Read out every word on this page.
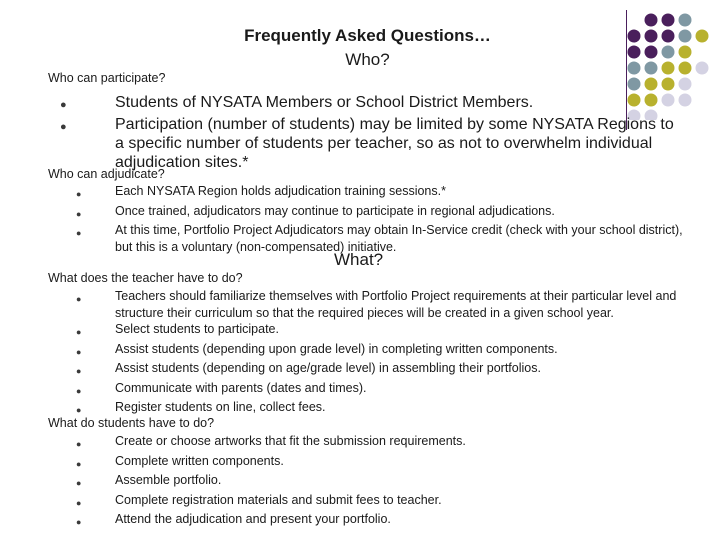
Frequently Asked Questions…
Who?
Who can participate?
●	Students of NYSATA Members or School District Members.
●	Participation (number of students) may be limited by some NYSATA Regions to a specific number of students per teacher, so as not to overwhelm individual adjudication sites.*
Who can adjudicate?
●	Each NYSATA Region holds adjudication training sessions.*
●	Once trained, adjudicators may continue to participate in regional adjudications.
●	At this time, Portfolio Project Adjudicators may obtain In-Service credit (check with your school district), but this is a voluntary (non-compensated) initiative.
What?
What does the teacher have to do?
●	Teachers should familiarize themselves with Portfolio Project requirements at their particular level and structure their curriculum so that the required pieces will be created in a given school year.
●	Select students to participate.
●	Assist students (depending upon grade level) in completing written components.
●	Assist students (depending on age/grade level) in assembling their portfolios.
●	Communicate with parents (dates and times).
●	Register students on line, collect fees.
What do students have to do?
●	Create or choose artworks that fit the submission requirements.
●	Complete written components.
●	Assemble portfolio.
●	Complete registration materials and submit fees to teacher.
●	Attend the adjudication and present your portfolio.
